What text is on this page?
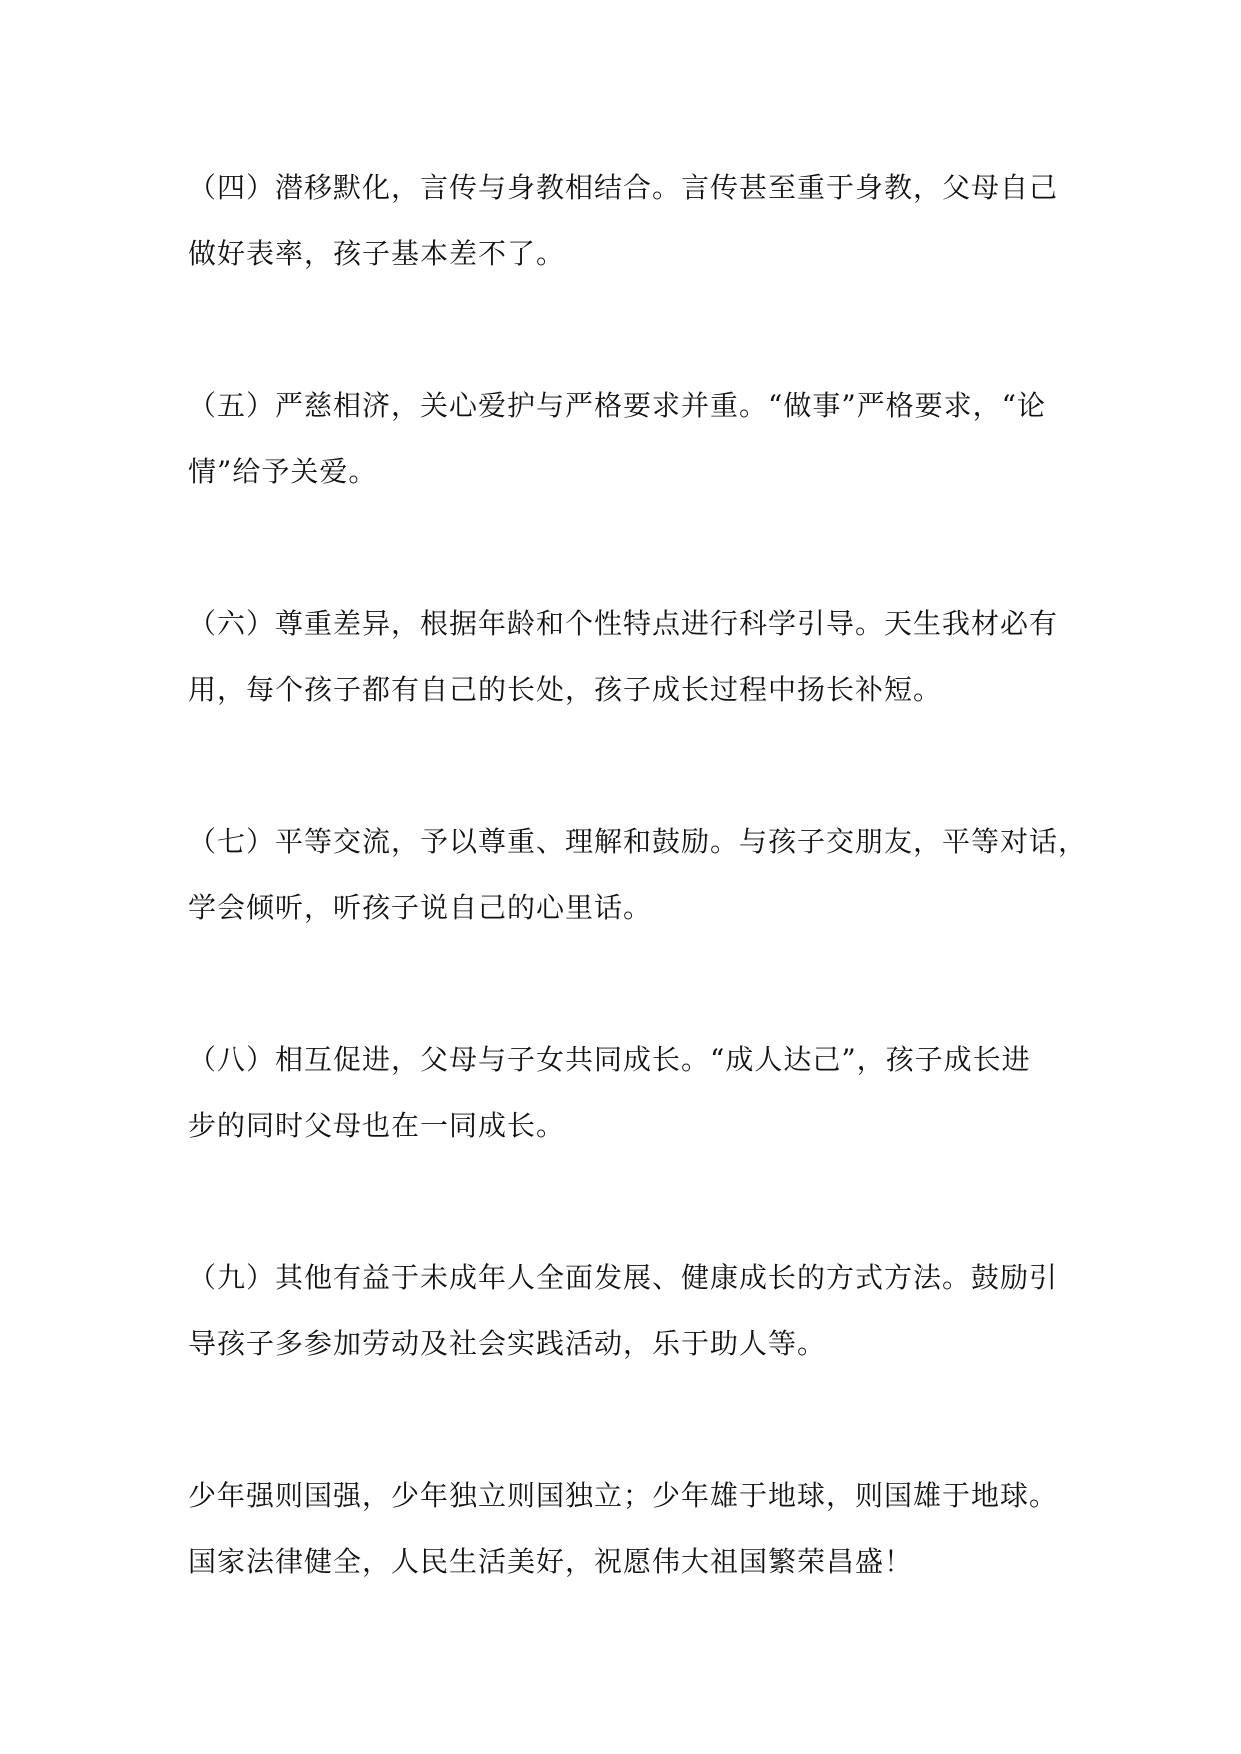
（四）潜移默化，言传与身教相结合。言传甚至重于身教，父母自己
做好表率，孩子基本差不了。

（五）严慈相济，关心爱护与严格要求并重。“做事”严格要求，“论
情”给予关爱。

（六）尊重差异，根据年龄和个性特点进行科学引导。天生我材必有
用，每个孩子都有自己的长处，孩子成长过程中扬长补短。

（七）平等交流，予以尊重、理解和鼓励。与孩子交朋友，平等对话，
学会倾听，听孩子说自己的心里话。

（八）相互促进，父母与子女共同成长。“成人达己”，孩子成长进
步的同时父母也在一同成长。

（九）其他有益于未成年人全面发展、健康成长的方式方法。鼓励引
导孩子多参加劳动及社会实践活动，乐于助人等。

少年强则国强，少年独立则国独立；少年雄于地球，则国雄于地球。
国家法律健全，人民生活美好，祝愿伟大祖国繁荣昌盛！
